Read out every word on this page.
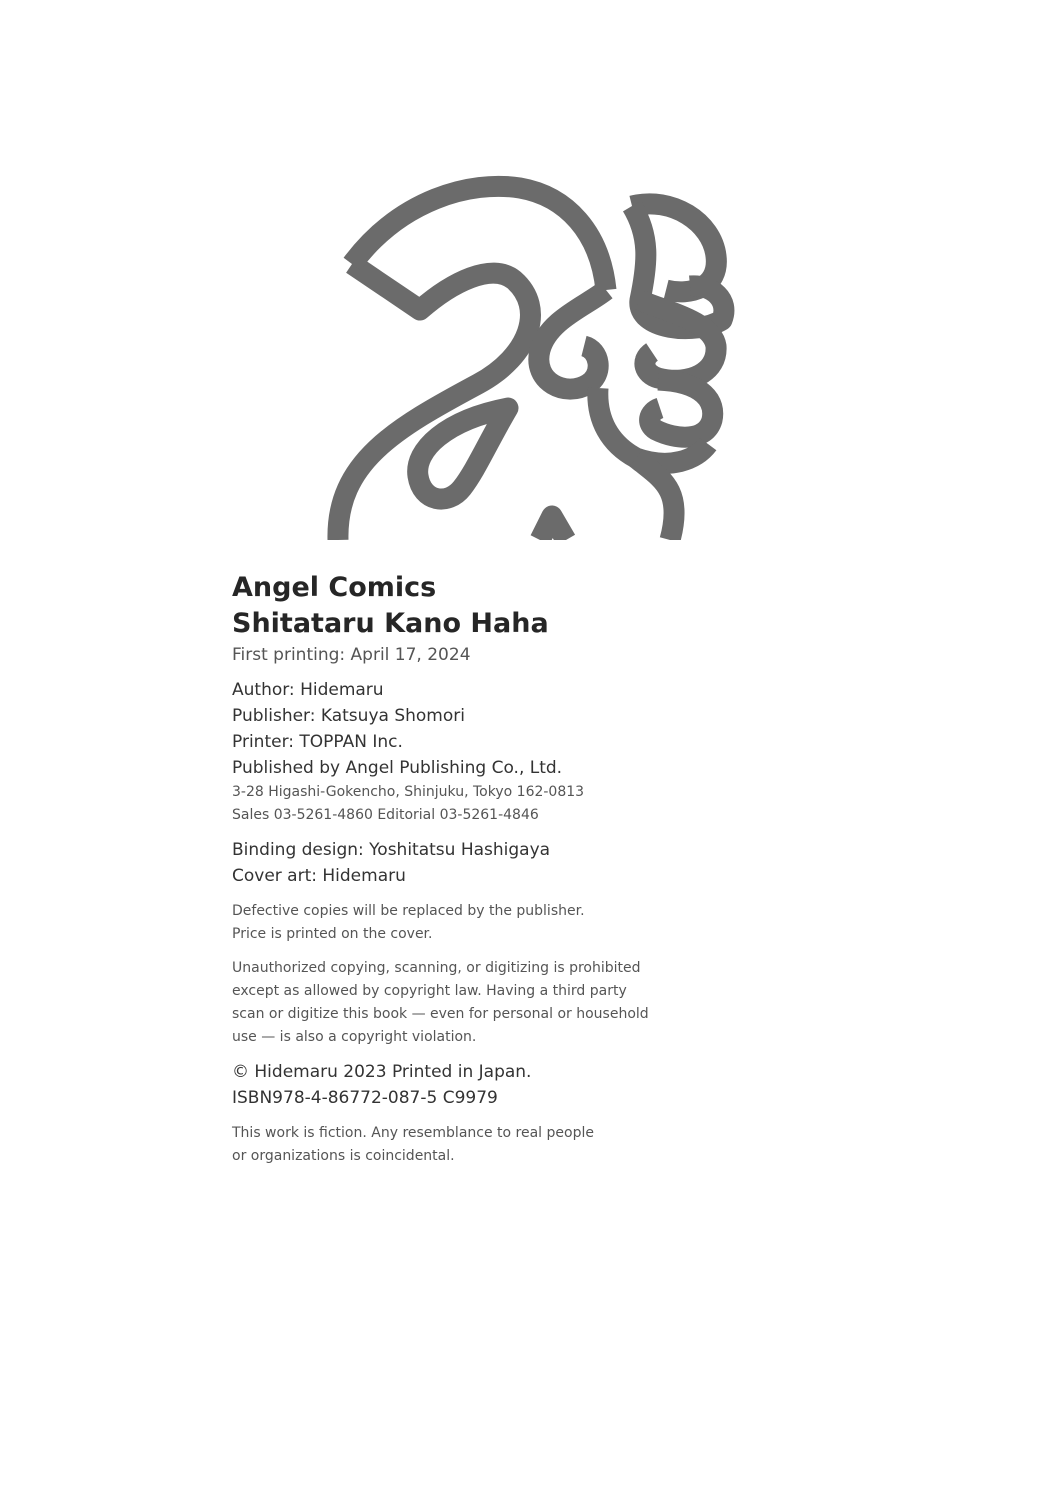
Angel Comics
Shitataru Kano Haha
First printing: April 17, 2024
Author: Hidemaru
Publisher: Katsuya Shomori
Printer: TOPPAN Inc.
Published by Angel Publishing Co., Ltd.
3-28 Higashi-Gokencho, Shinjuku, Tokyo 162-0813
Sales 03-5261-4860 Editorial 03-5261-4846
Binding design: Yoshitatsu Hashigaya
Cover art: Hidemaru
Defective copies will be replaced by the publisher.
Price is printed on the cover.
Unauthorized copying, scanning, or digitizing is prohibited
except as allowed by copyright law. Having a third party
scan or digitize this book — even for personal or household
use — is also a copyright violation.
© Hidemaru 2023 Printed in Japan.
ISBN978-4-86772-087-5 C9979
This work is fiction. Any resemblance to real people
or organizations is coincidental.
